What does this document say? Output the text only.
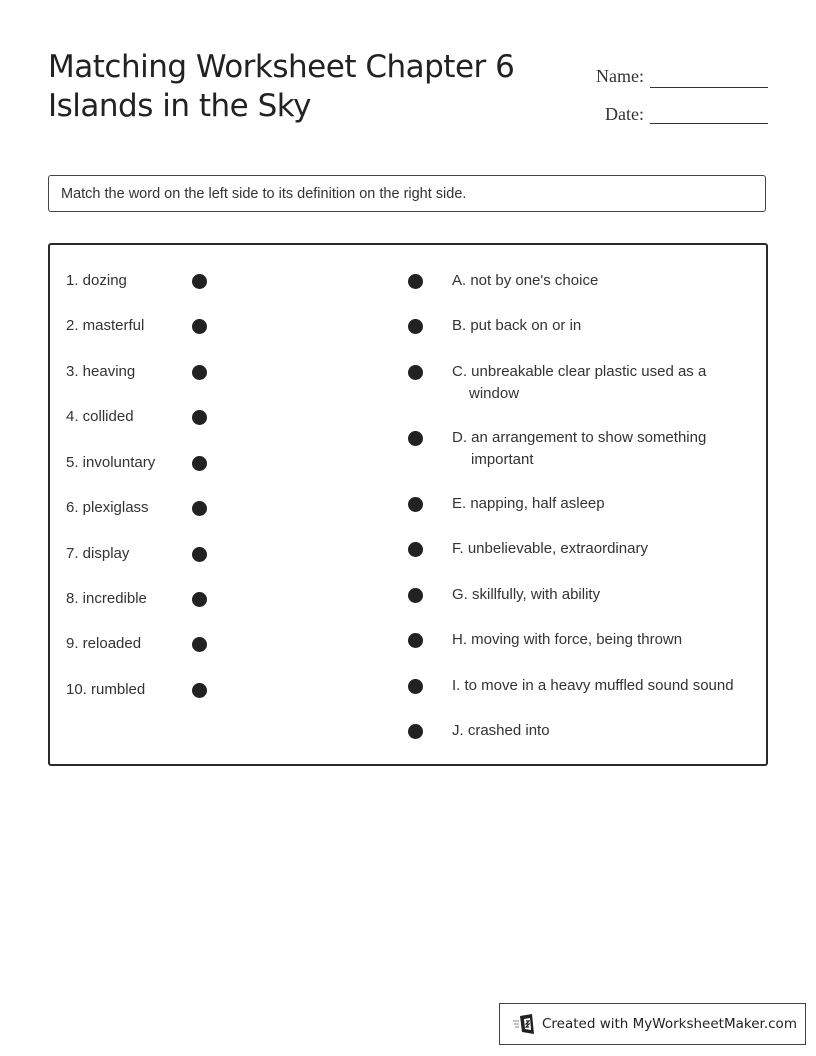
Matching Worksheet Chapter 6
Islands in the Sky
Name:
Date:
Match the word on the left side to its definition on the right side.
1. dozing
2. masterful
3. heaving
4. collided
5. involuntary
6. plexiglass
7. display
8. incredible
9. reloaded
10. rumbled
A. not by one's choice
B. put back on or in
C. unbreakable clear plastic used as a
window
D. an arrangement to show something
important
E. napping, half asleep
F. unbelievable, extraordinary
G. skillfully, with ability
H. moving with force, being thrown
I. to move in a heavy muffled sound sound
J. crashed into
Created with MyWorksheetMaker.com
